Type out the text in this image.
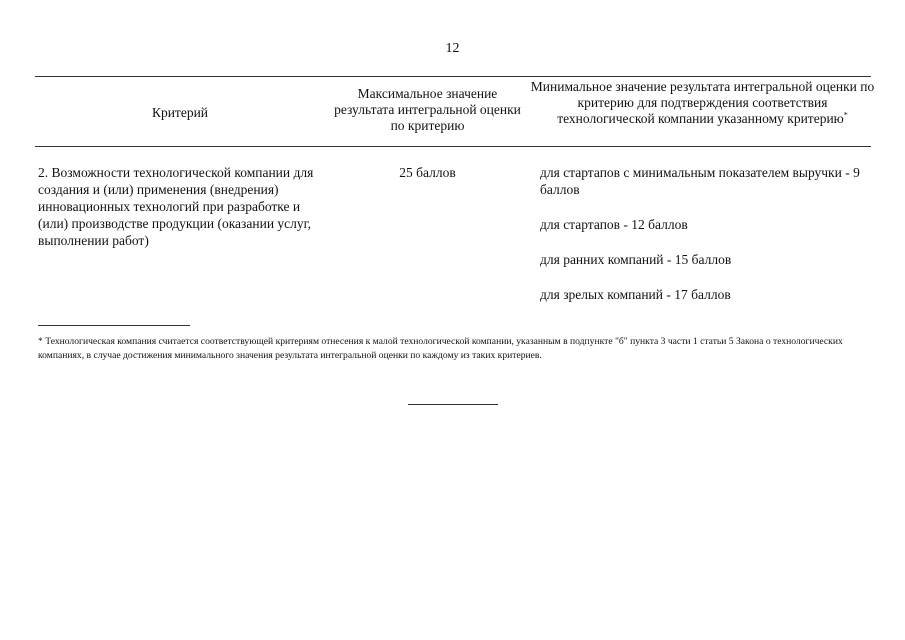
12
Критерий
Максимальное значение результата интегральной оценки по критерию
Минимальное значение результата интегральной оценки по критерию для подтверждения соответствия технологической компании указанному критерию*
2. Возможности технологической компании для создания и (или) применения (внедрения) инновационных технологий при разработке и (или) производстве продукции (оказании услуг, выполнении работ)
25 баллов	для стартапов с минимальным показателем выручки - 9 баллов
для стартапов - 12 баллов
для ранних компаний - 15 баллов
для зрелых компаний - 17 баллов
* Технологическая компания считается соответствующей критериям отнесения к малой технологической компании, указанным в подпункте "б" пункта 3 части 1 статьи 5 Закона о технологических компаниях, в случае достижения минимального значения результата интегральной оценки по каждому из таких критериев.
